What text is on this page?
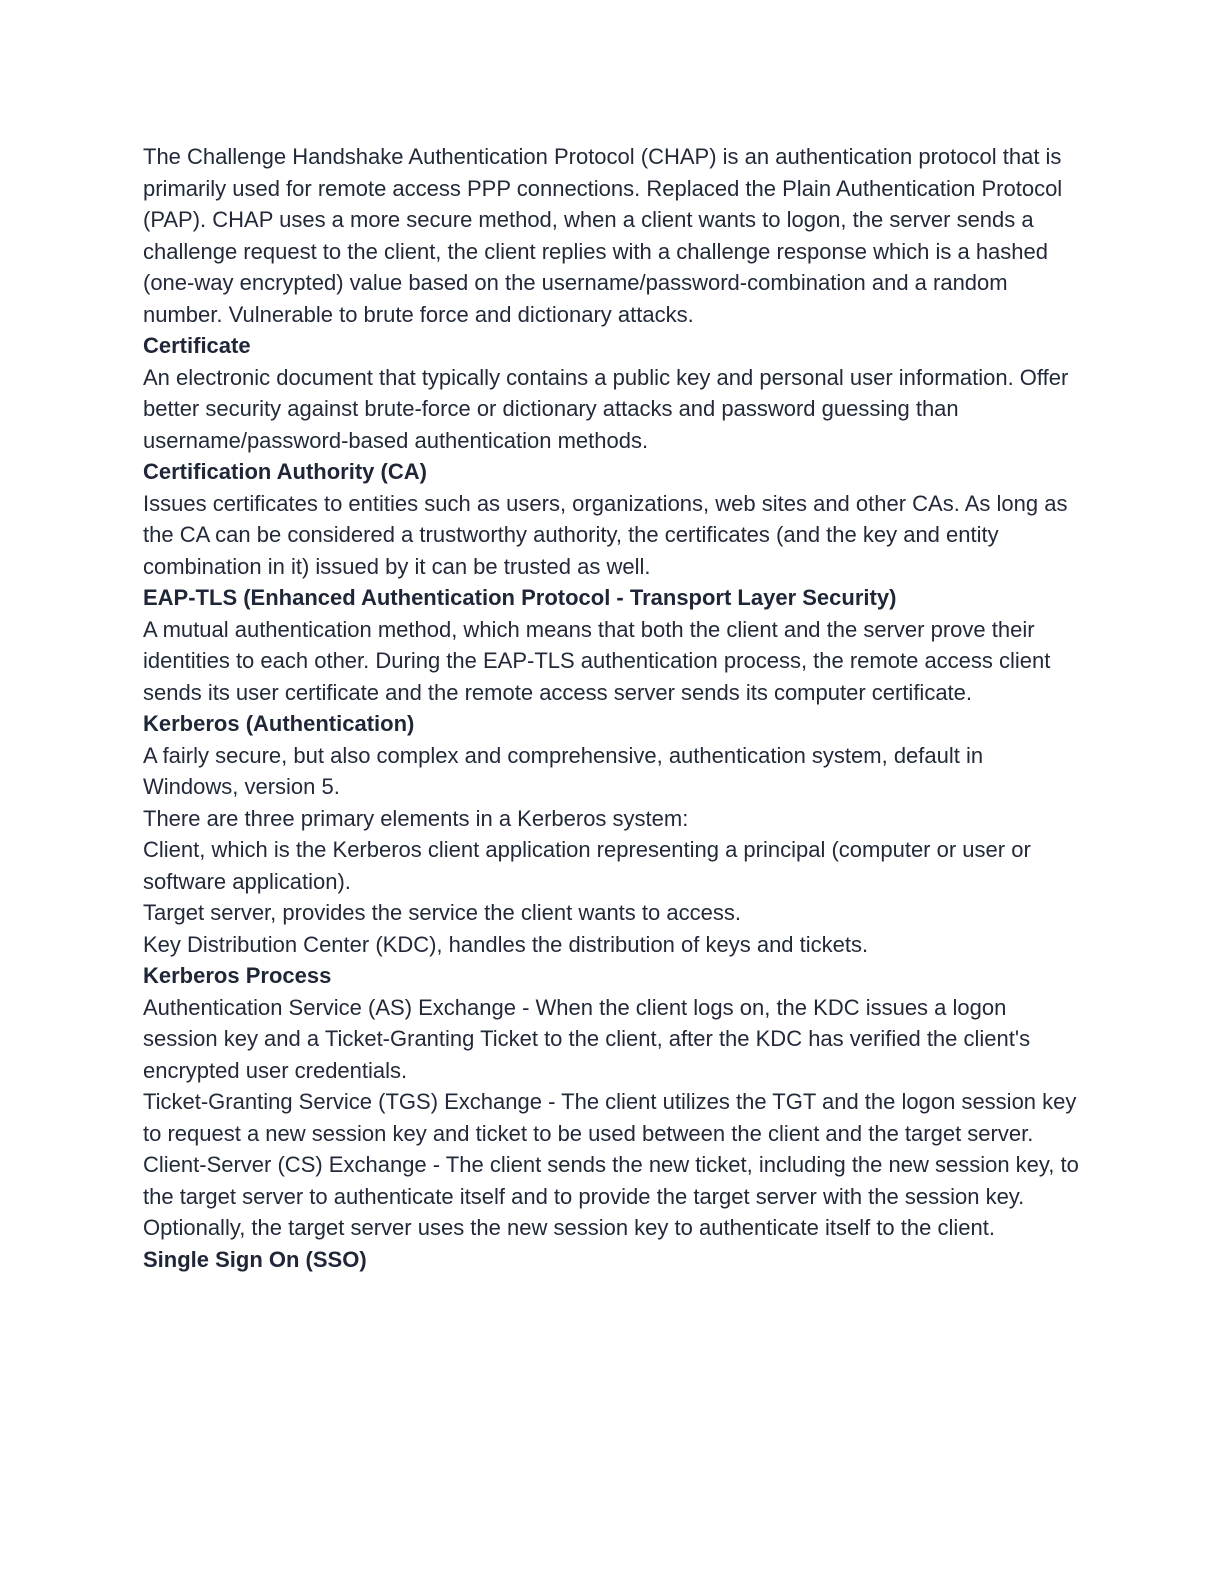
The Challenge Handshake Authentication Protocol (CHAP) is an authentication protocol that is primarily used for remote access PPP connections. Replaced the Plain Authentication Protocol (PAP). CHAP uses a more secure method, when a client wants to logon, the server sends a challenge request to the client, the client replies with a challenge response which is a hashed (one-way encrypted) value based on the username/password-combination and a random number. Vulnerable to brute force and dictionary attacks.

Certificate

An electronic document that typically contains a public key and personal user information. Offer better security against brute-force or dictionary attacks and password guessing than username/password-based authentication methods.

Certification Authority (CA)

Issues certificates to entities such as users, organizations, web sites and other CAs. As long as the CA can be considered a trustworthy authority, the certificates (and the key and entity combination in it) issued by it can be trusted as well.

EAP-TLS (Enhanced Authentication Protocol - Transport Layer Security)

A mutual authentication method, which means that both the client and the server prove their identities to each other. During the EAP-TLS authentication process, the remote access client sends its user certificate and the remote access server sends its computer certificate.

Kerberos (Authentication)

A fairly secure, but also complex and comprehensive, authentication system, default in Windows, version 5.

There are three primary elements in a Kerberos system:

Client, which is the Kerberos client application representing a principal (computer or user or software application).

Target server, provides the service the client wants to access.

Key Distribution Center (KDC), handles the distribution of keys and tickets.

Kerberos Process

Authentication Service (AS) Exchange - When the client logs on, the KDC issues a logon session key and a Ticket-Granting Ticket to the client, after the KDC has verified the client's encrypted user credentials.

Ticket-Granting Service (TGS) Exchange - The client utilizes the TGT and the logon session key to request a new session key and ticket to be used between the client and the target server.

Client-Server (CS) Exchange - The client sends the new ticket, including the new session key, to the target server to authenticate itself and to provide the target server with the session key. Optionally, the target server uses the new session key to authenticate itself to the client.

Single Sign On (SSO)
